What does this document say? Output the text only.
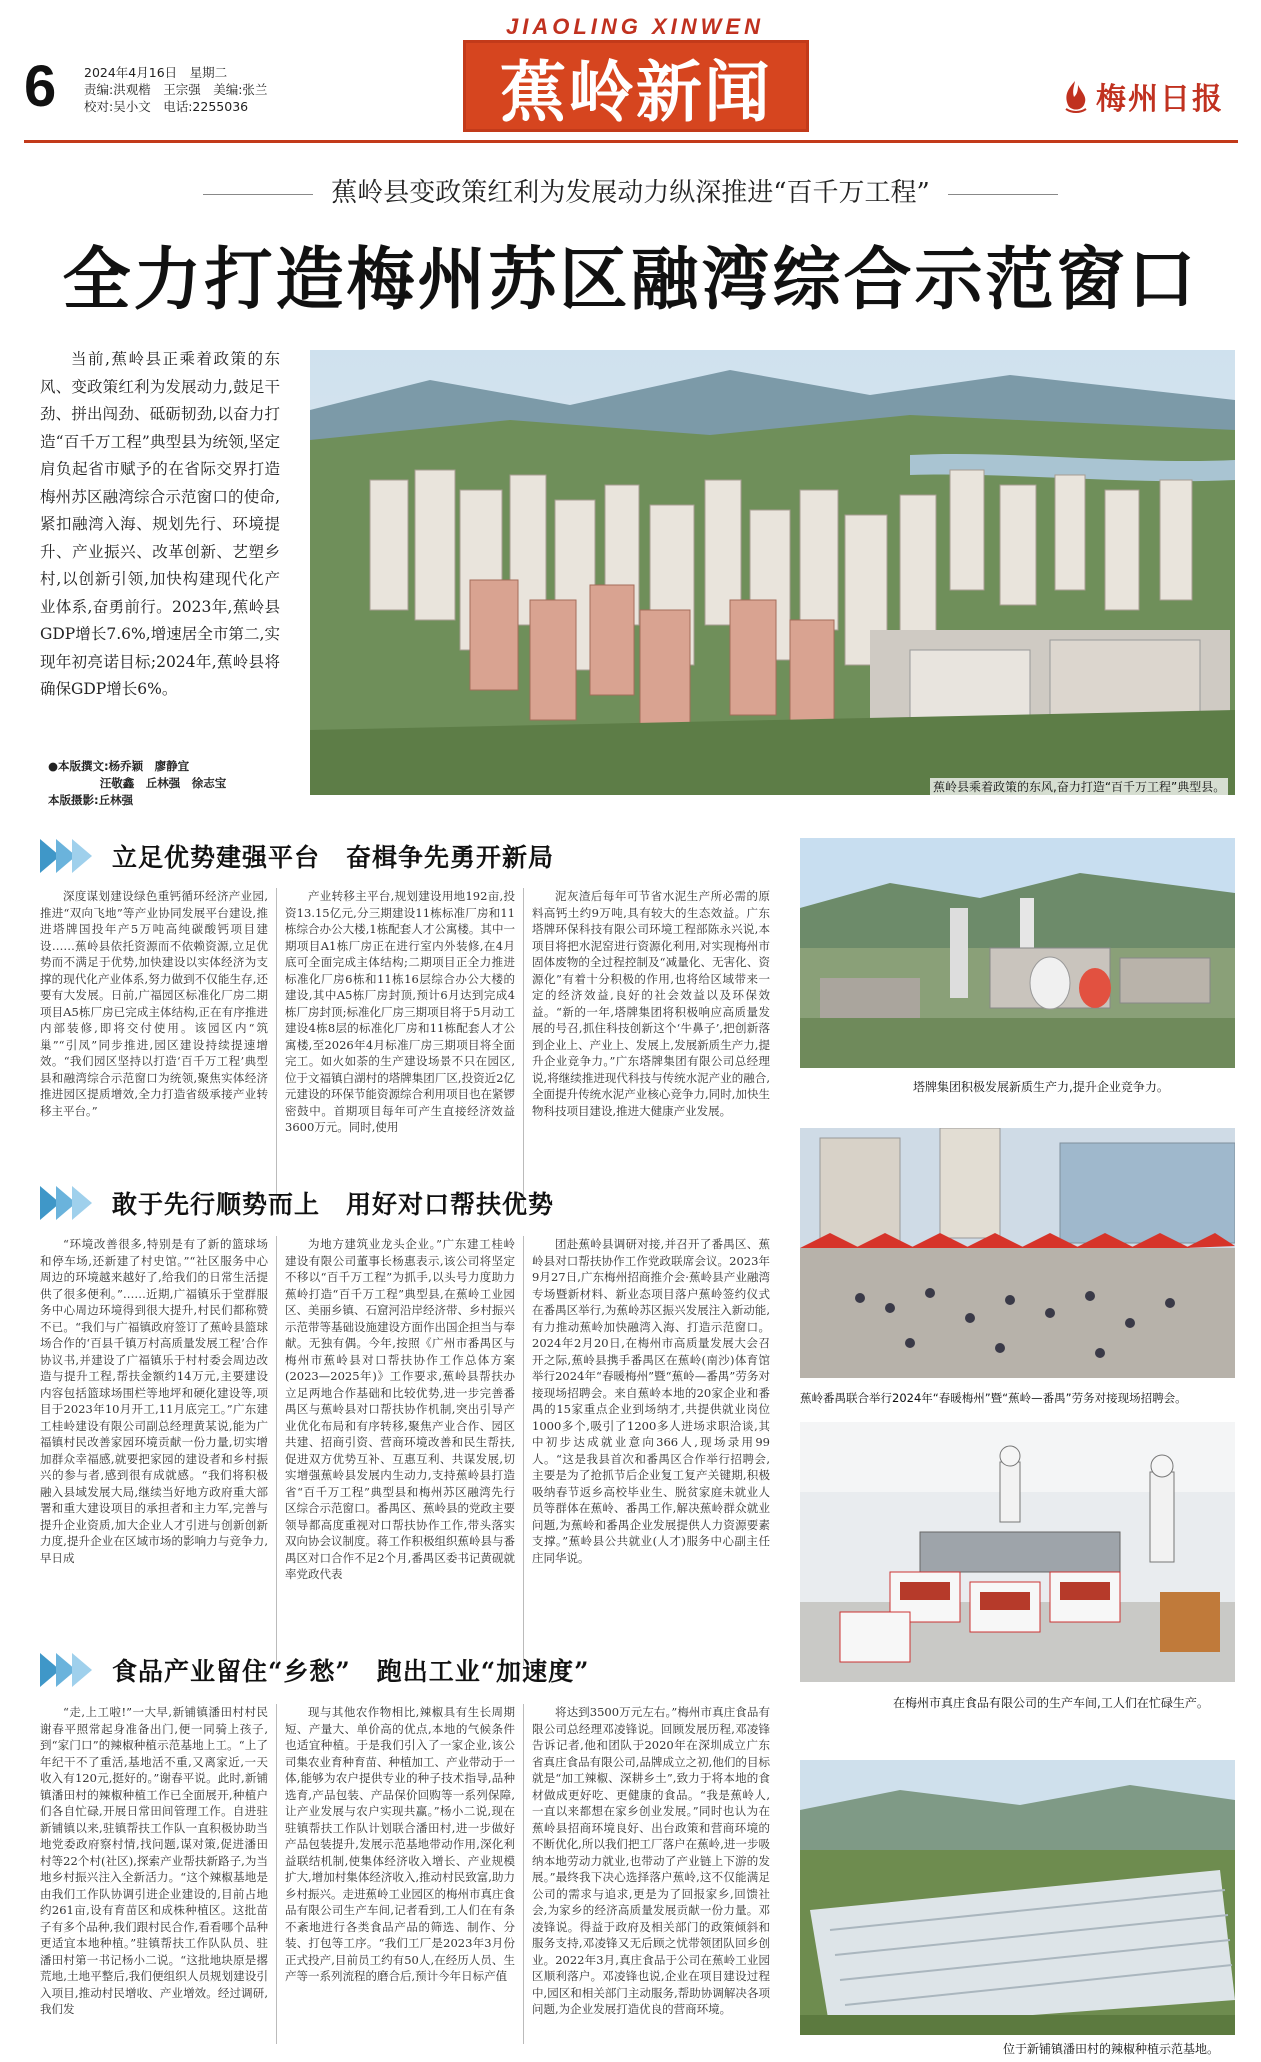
6 2024年4月16日　星期二
责编:洪观楷　王宗强　美编:张兰
校对:吴小文　电话:2255036
JIAOLING XINWEN
蕉岭新闻	梅州日报
蕉岭县变政策红利为发展动力纵深推进“百千万工程”
全力打造梅州苏区融湾综合示范窗口
当前,蕉岭县正乘着政策的东风、变政策红利为发展动力,鼓足干劲、拼出闯劲、砥砺韧劲,以奋力打造“百千万工程”典型县为统领,坚定肩负起省市赋予的在省际交界打造梅州苏区融湾综合示范窗口的使命,紧扣融湾入海、规划先行、环境提升、产业振兴、改革创新、艺塑乡村,以创新引领,加快构建现代化产业体系,奋勇前行。2023年,蕉岭县GDP增长7.6%,增速居全市第二,实现年初亮诺目标;2024年,蕉岭县将确保GDP增长6%。
●本版撰文:杨乔颖　廖静宜
汪敬鑫　丘林强　徐志宝
本版摄影:丘林强
蕉岭县乘着政策的东风,奋力打造“百千万工程”典型县。
立足优势建强平台　奋楫争先勇开新局

深度谋划建设绿色重钙循环经济产业园,推进“双向飞地”等产业协同发展平台建设,推进塔牌国投年产5万吨高纯碳酸钙项目建设……蕉岭县依托资源而不依赖资源,立足优势而不满足于优势,加快建设以实体经济为支撑的现代化产业体系,努力做到不仅能生存,还要有大发展。日前,广福园区标准化厂房二期项目A5栋厂房已完成主体结构,正在有序推进内部装修,即将交付使用。该园区内“筑巢”“引凤”同步推进,园区建设持续提速增效。“我们园区坚持以打造‘百千万工程’典型县和融湾综合示范窗口为统领,聚焦实体经济推进园区提质增效,全力打造省级承接产业转移主平台。”

产业转移主平台,规划建设用地192亩,投资13.15亿元,分三期建设11栋标准厂房和11栋综合办公大楼,1栋配套人才公寓楼。其中一期项目A1栋厂房正在进行室内外装修,在4月底可全面完成主体结构;二期项目正全力推进标准化厂房6栋和11栋16层综合办公大楼的建设,其中A5栋厂房封顶,预计6月达到完成4栋厂房封顶;标准化厂房三期项目将于5月动工建设4栋8层的标准化厂房和11栋配套人才公寓楼,至2026年4月标准厂房三期项目将全面完工。如火如荼的生产建设场景不只在园区,位于文福镇白湖村的塔牌集团厂区,投资近2亿元建设的环保节能资源综合利用项目也在紧锣密鼓中。首期项目每年可产生直接经济效益3600万元。同时,使用

泥灰渣后每年可节省水泥生产所必需的原料高钙土约9万吨,具有较大的生态效益。广东塔牌环保科技有限公司环境工程部陈永兴说,本项目将把水泥窑进行资源化利用,对实现梅州市固体废物的全过程控制及“减量化、无害化、资源化”有着十分积极的作用,也将给区域带来一定的经济效益,良好的社会效益以及环保效益。“新的一年,塔牌集团将积极响应高质量发展的号召,抓住科技创新这个‘牛鼻子’,把创新落到企业上、产业上、发展上,发展新质生产力,提升企业竞争力。”广东塔牌集团有限公司总经理说,将继续推进现代科技与传统水泥产业的融合,全面提升传统水泥产业核心竞争力,同时,加快生物科技项目建设,推进大健康产业发展。

塔牌集团积极发展新质生产力,提升企业竞争力。
敢于先行顺势而上　用好对口帮扶优势

“环境改善很多,特别是有了新的篮球场和停车场,还新建了村史馆。”“社区服务中心周边的环境越来越好了,给我们的日常生活提供了很多便利。”……近期,广福镇乐于堂群服务中心周边环境得到很大提升,村民们都称赞不已。“我们与广福镇政府签订了蕉岭县篮球场合作的‘百县千镇万村高质量发展工程’合作协议书,并建设了广福镇乐于村村委会周边改造与提升工程,帮扶金额约14万元,主要建设内容包括篮球场围栏等地坪和硬化建设等,项目于2023年10月开工,11月底完工。”广东建工桂岭建设有限公司副总经理黄某说,能为广福镇村民改善家园环境贡献一份力量,切实增加群众幸福感,就要把家园的建设者和乡村振兴的参与者,感到很有成就感。“我们将积极融入县域发展大局,继续当好地方政府重大部署和重大建设项目的承担者和主力军,完善与提升企业资质,加大企业人才引进与创新创新力度,提升企业在区域市场的影响力与竞争力,早日成

为地方建筑业龙头企业。”广东建工桂岭建设有限公司董事长杨惠表示,该公司将坚定不移以“百千万工程”为抓手,以头号力度助力蕉岭打造“百千万工程”典型县,在蕉岭工业园区、美丽乡镇、石窟河沿岸经济带、乡村振兴示范带等基础设施建设方面作出国企担当与奉献。无独有偶。今年,按照《广州市番禺区与梅州市蕉岭县对口帮扶协作工作总体方案(2023—2025年)》工作要求,蕉岭县帮扶办立足两地合作基础和比较优势,进一步完善番禺区与蕉岭县对口帮扶协作机制,突出引导产业优化布局和有序转移,聚焦产业合作、园区共建、招商引资、营商环境改善和民生帮扶,促进双方优势互补、互惠互利、共谋发展,切实增强蕉岭县发展内生动力,支持蕉岭县打造省“百千万工程”典型县和梅州苏区融湾先行区综合示范窗口。番禺区、蕉岭县的党政主要领导都高度重视对口帮扶协作工作,带头落实双向协会议制度。蒋工作积极组织蕉岭县与番禺区对口合作不足2个月,番禺区委书记黄砚就率党政代表

团赴蕉岭县调研对接,并召开了番禺区、蕉岭县对口帮扶协作工作党政联席会议。2023年9月27日,广东梅州招商推介会·蕉岭县产业融湾专场暨新材料、新业态项目落户蕉岭签约仪式在番禺区举行,为蕉岭苏区振兴发展注入新动能,有力推动蕉岭加快融湾入海、打造示范窗口。2024年2月20日,在梅州市高质量发展大会召开之际,蕉岭县携手番禺区在蕉岭(南沙)体育馆举行2024年“春暖梅州”暨“蕉岭—番禺”劳务对接现场招聘会。来自蕉岭本地的20家企业和番禺的15家重点企业到场纳才,共提供就业岗位1000多个,吸引了1200多人进场求职洽谈,其中初步达成就业意向366人,现场录用99人。“这是我县首次和番禺区合作举行招聘会,主要是为了抢抓节后企业复工复产关键期,积极吸纳春节返乡高校毕业生、脱贫家庭未就业人员等群体在蕉岭、番禺工作,解决蕉岭群众就业问题,为蕉岭和番禺企业发展提供人力资源要素支撑。”蕉岭县公共就业(人才)服务中心副主任庄同华说。

蕉岭番禺联合举行2024年“春暖梅州”暨“蕉岭—番禺”劳务对接现场招聘会。
在梅州市真庄食品有限公司的生产车间,工人们在忙碌生产。
食品产业留住“乡愁”　跑出工业“加速度”

“走,上工啦!”一大早,新铺镇潘田村村民谢春平照常起身准备出门,便一同骑上孩子,到“家门口”的辣椒种植示范基地上工。“上了年纪干不了重活,基地活不重,又离家近,一天收入有120元,挺好的。”谢春平说。此时,新铺镇潘田村的辣椒种植工作已全面展开,种植户们各自忙碌,开展日常田间管理工作。自进驻新铺镇以来,驻镇帮扶工作队一直积极协助当地党委政府察村情,找问题,谋对策,促进潘田村等22个村(社区),探索产业帮扶新路子,为当地乡村振兴注入全新活力。“这个辣椒基地是由我们工作队协调引进企业建设的,目前占地约261亩,设有育苗区和成株种植区。这批苗子有多个品种,我们跟村民合作,看看哪个品种更适宜本地种植。”驻镇帮扶工作队队员、驻潘田村第一书记杨小二说。“这批地块原是撂荒地,土地平整后,我们便组织人员规划建设引入项目,推动村民增收、产业增效。经过调研,我们发

现与其他农作物相比,辣椒具有生长周期短、产量大、单价高的优点,本地的气候条件也适宜种植。于是我们引入了一家企业,该公司集农业育种育苗、种植加工、产业带动于一体,能够为农户提供专业的种子技术指导,品种选育,产品包装、产品保价回购等一系列保障,让产业发展与农户实现共赢。”杨小二说,现在驻镇帮扶工作队计划联合潘田村,进一步做好产品包装提升,发展示范基地带动作用,深化利益联结机制,使集体经济收入增长、产业规模扩大,增加村集体经济收入,推动村民致富,助力乡村振兴。走进蕉岭工业园区的梅州市真庄食品有限公司生产车间,记者看到,工人们在有条不紊地进行各类食品产品的筛选、制作、分装、打包等工序。“我们工厂是2023年3月份正式投产,目前员工约有50人,在经历人员、生产等一系列流程的磨合后,预计今年日标产值

将达到3500万元左右。”梅州市真庄食品有限公司总经理邓凌锋说。回顾发展历程,邓凌锋告诉记者,他和团队于2020年在深圳成立广东省真庄食品有限公司,品牌成立之初,他们的目标就是“加工辣椒、深耕乡土”,致力于将本地的食材做成更好吃、更健康的食品。“我是蕉岭人,一直以来都想在家乡创业发展。”同时也认为在蕉岭县招商环境良好、出台政策和营商环境的不断优化,所以我们把工厂落户在蕉岭,进一步吸纳本地劳动力就业,也带动了产业链上下游的发展。”最终我下决心选择落户蕉岭,这不仅能满足公司的需求与追求,更是为了回报家乡,回馈社会,为家乡的经济高质量发展贡献一份力量。邓凌锋说。得益于政府及相关部门的政策倾斜和服务支持,邓凌锋又无后顾之忧带领团队回乡创业。2022年3月,真庄食品于公司在蕉岭工业园区顺利落户。邓凌锋也说,企业在项目建设过程中,园区和相关部门主动服务,帮助协调解决各项问题,为企业发展打造优良的营商环境。

位于新铺镇潘田村的辣椒种植示范基地。
